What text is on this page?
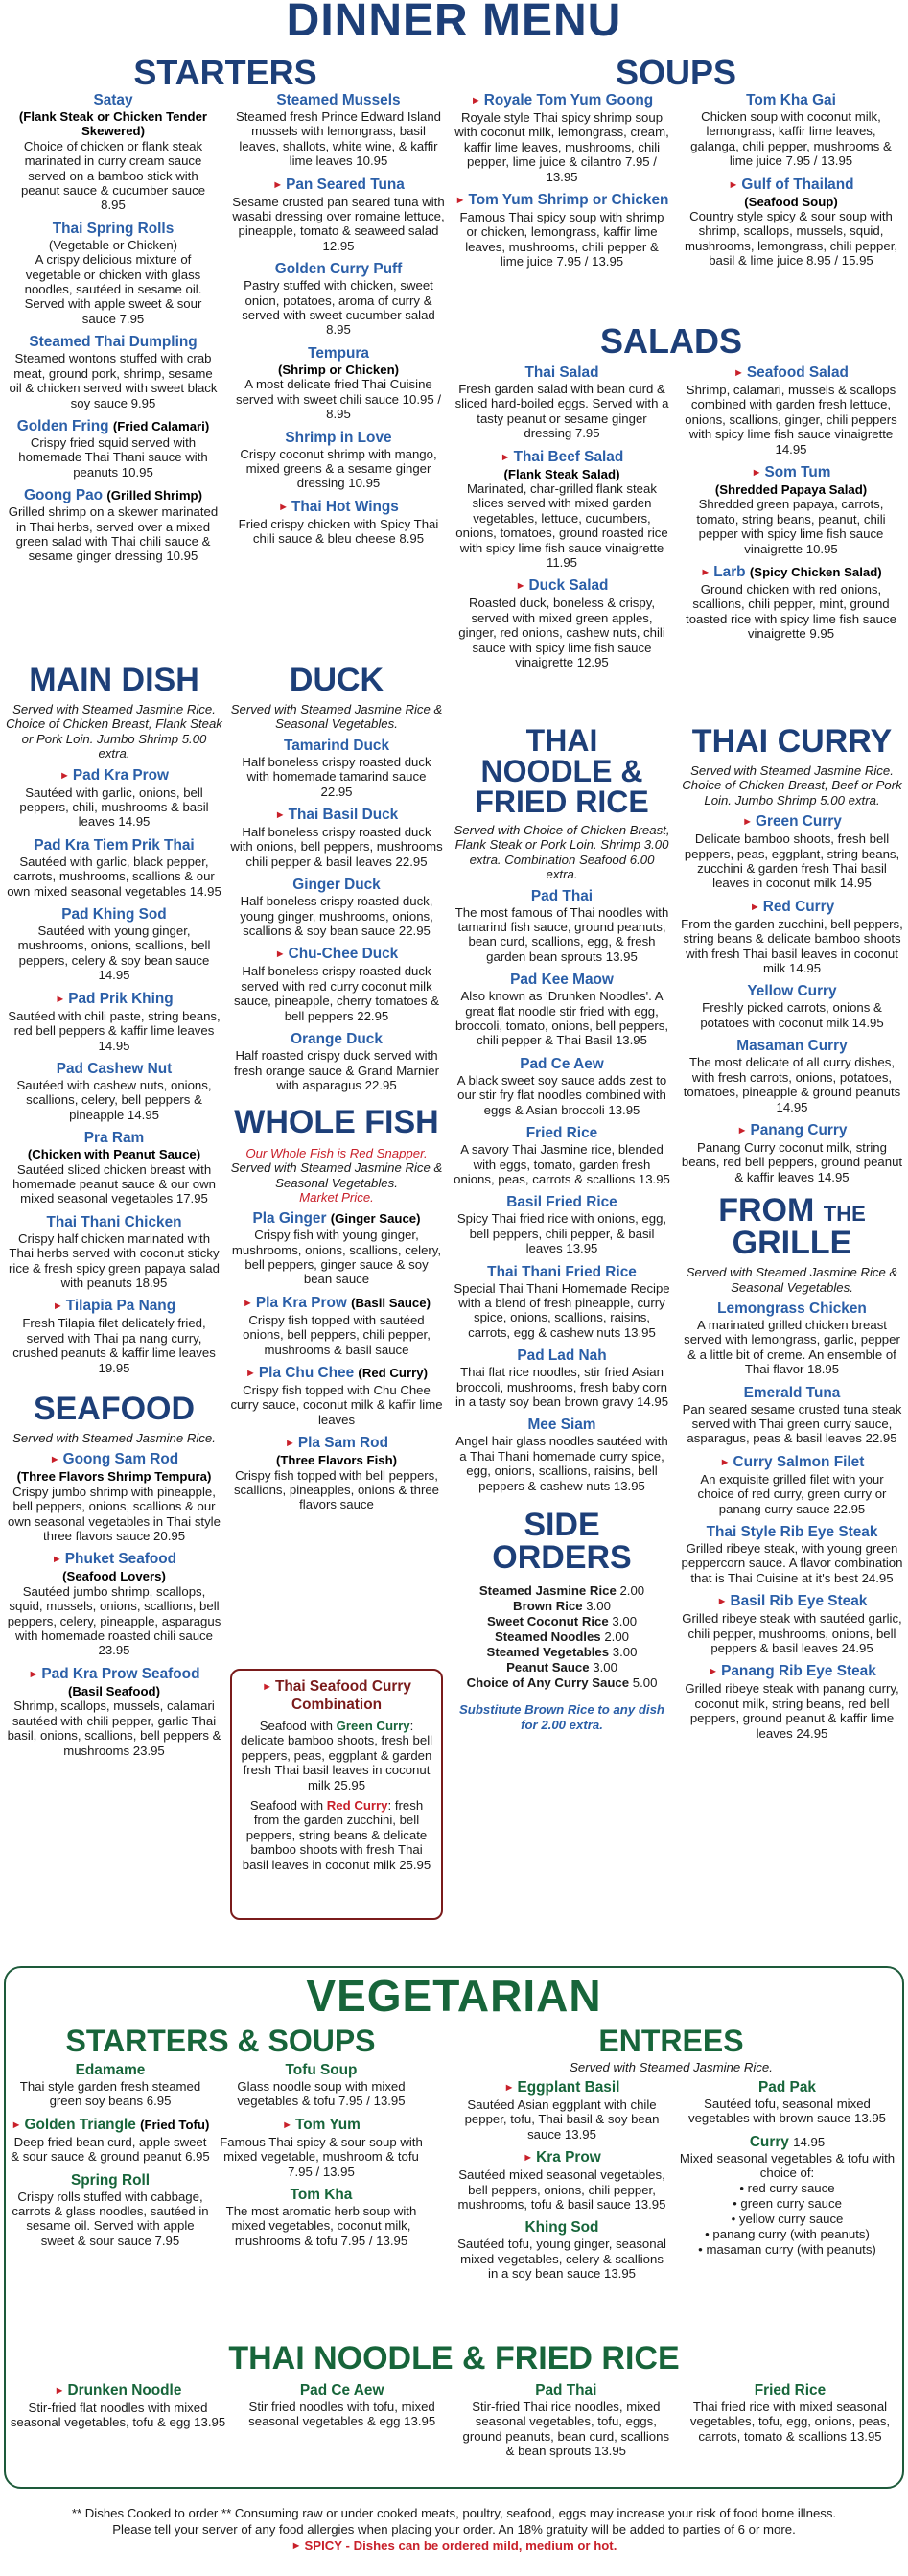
DINNER MENU
STARTERS
Satay
(Flank Steak or Chicken Tender Skewered)
Choice of chicken or flank steak marinated in curry cream sauce served on a bamboo stick with peanut sauce & cucumber sauce 8.95
Thai Spring Rolls
(Vegetable or Chicken)
A crispy delicious mixture of vegetable or chicken with glass noodles, sautéed in sesame oil. Served with apple sweet & sour sauce 7.95
Steamed Thai Dumpling
Steamed wontons stuffed with crab meat, ground pork, shrimp, sesame oil & chicken served with sweet black soy sauce 9.95
Golden Fring (Fried Calamari)
Crispy fried squid served with homemade Thai Thani sauce with peanuts 10.95
Goong Pao (Grilled Shrimp)
Grilled shrimp on a skewer marinated in Thai herbs, served over a mixed green salad with Thai chili sauce & sesame ginger dressing 10.95
Steamed Mussels
Steamed fresh Prince Edward Island mussels with lemongrass, basil leaves, shallots, white wine, & kaffir lime leaves 10.95
► Pan Seared Tuna
Sesame crusted pan seared tuna with wasabi dressing over romaine lettuce, pineapple, tomato & seaweed salad 12.95
Golden Curry Puff
Pastry stuffed with chicken, sweet onion, potatoes, aroma of curry & served with sweet cucumber salad 8.95
Tempura
(Shrimp or Chicken)
A most delicate fried Thai Cuisine served with sweet chili sauce 10.95 / 8.95
Shrimp in Love
Crispy coconut shrimp with mango, mixed greens & a sesame ginger dressing 10.95
► Thai Hot Wings
Fried crispy chicken with Spicy Thai chili sauce & bleu cheese 8.95
SOUPS
► Royale Tom Yum Goong
Royale style Thai spicy shrimp soup with coconut milk, lemongrass, cream, kaffir lime leaves, mushrooms, chili pepper, lime juice & cilantro 7.95 / 13.95
► Tom Yum Shrimp or Chicken
Famous Thai spicy soup with shrimp or chicken, lemongrass, kaffir lime leaves, mushrooms, chili pepper & lime juice 7.95 / 13.95
Tom Kha Gai
Chicken soup with coconut milk, lemongrass, kaffir lime leaves, galanga, chili pepper, mushrooms & lime juice 7.95 / 13.95
► Gulf of Thailand
(Seafood Soup)
Country style spicy & sour soup with shrimp, scallops, mussels, squid, mushrooms, lemongrass, chili pepper, basil & lime juice 8.95 / 15.95
SALADS
Thai Salad
Fresh garden salad with bean curd & sliced hard-boiled eggs. Served with a tasty peanut or sesame ginger dressing 7.95
► Thai Beef Salad
(Flank Steak Salad)
Marinated, char-grilled flank steak slices served with mixed garden vegetables, lettuce, cucumbers, onions, tomatoes, ground roasted rice with spicy lime fish sauce vinaigrette 11.95
► Duck Salad
Roasted duck, boneless & crispy, served with mixed green apples, ginger, red onions, cashew nuts, chili sauce with spicy lime fish sauce vinaigrette 12.95
► Seafood Salad
Shrimp, calamari, mussels & scallops combined with garden fresh lettuce, onions, scallions, ginger, chili peppers with spicy lime fish sauce vinaigrette 14.95
► Som Tum
(Shredded Papaya Salad)
Shredded green papaya, carrots, tomato, string beans, peanut, chili pepper with spicy lime fish sauce vinaigrette 10.95
► Larb (Spicy Chicken Salad)
Ground chicken with red onions, scallions, chili pepper, mint, ground toasted rice with spicy lime fish sauce vinaigrette 9.95
MAIN DISH
Served with Steamed Jasmine Rice. Choice of Chicken Breast, Flank Steak or Pork Loin. Jumbo Shrimp 5.00 extra.
► Pad Kra Prow
Sautéed with garlic, onions, bell peppers, chili, mushrooms & basil leaves 14.95
Pad Kra Tiem Prik Thai
Sautéed with garlic, black pepper, carrots, mushrooms, scallions & our own mixed seasonal vegetables 14.95
Pad Khing Sod
Sautéed with young ginger, mushrooms, onions, scallions, bell peppers, celery & soy bean sauce 14.95
► Pad Prik Khing
Sautéed with chili paste, string beans, red bell peppers & kaffir lime leaves 14.95
Pad Cashew Nut
Sautéed with cashew nuts, onions, scallions, celery, bell peppers & pineapple 14.95
Pra Ram
(Chicken with Peanut Sauce)
Sautéed sliced chicken breast with homemade peanut sauce & our own mixed seasonal vegetables 17.95
Thai Thani Chicken
Crispy half chicken marinated with Thai herbs served with coconut sticky rice & fresh spicy green papaya salad with peanuts 18.95
► Tilapia Pa Nang
Fresh Tilapia filet delicately fried, served with Thai pa nang curry, crushed peanuts & kaffir lime leaves 19.95
SEAFOOD
Served with Steamed Jasmine Rice.
► Goong Sam Rod
(Three Flavors Shrimp Tempura)
Crispy jumbo shrimp with pineapple, bell peppers, onions, scallions & our own seasonal vegetables in Thai style three flavors sauce 20.95
► Phuket Seafood
(Seafood Lovers)
Sautéed jumbo shrimp, scallops, squid, mussels, onions, scallions, bell peppers, celery, pineapple, asparagus with homemade roasted chili sauce 23.95
► Pad Kra Prow Seafood
(Basil Seafood)
Shrimp, scallops, mussels, calamari sautéed with chili pepper, garlic Thai basil, onions, scallions, bell peppers & mushrooms 23.95
DUCK
Served with Steamed Jasmine Rice & Seasonal Vegetables.
Tamarind Duck
Half boneless crispy roasted duck with homemade tamarind sauce 22.95
► Thai Basil Duck
Half boneless crispy roasted duck with onions, bell peppers, mushrooms chili pepper & basil leaves 22.95
Ginger Duck
Half boneless crispy roasted duck, young ginger, mushrooms, onions, scallions & soy bean sauce 22.95
► Chu-Chee Duck
Half boneless crispy roasted duck served with red curry coconut milk sauce, pineapple, cherry tomatoes & bell peppers 22.95
Orange Duck
Half roasted crispy duck served with fresh orange sauce & Grand Marnier with asparagus 22.95
WHOLE FISH
Our Whole Fish is Red Snapper.
Served with Steamed Jasmine Rice & Seasonal Vegetables.
Market Price.
Pla Ginger (Ginger Sauce)
Crispy fish with young ginger, mushrooms, onions, scallions, celery, bell peppers, ginger sauce & soy bean sauce
► Pla Kra Prow (Basil Sauce)
Crispy fish topped with sautéed onions, bell peppers, chili pepper, mushrooms & basil sauce
► Pla Chu Chee (Red Curry)
Crispy fish topped with Chu Chee curry sauce, coconut milk & kaffir lime leaves
► Pla Sam Rod
(Three Flavors Fish)
Crispy fish topped with bell peppers, scallions, pineapples, onions & three flavors sauce
► Thai Seafood Curry Combination

Seafood with Green Curry: delicate bamboo shoots, fresh bell peppers, peas, eggplant & garden fresh Thai basil leaves in coconut milk 25.95

Seafood with Red Curry: fresh from the garden zucchini, bell peppers, string beans & delicate bamboo shoots with fresh Thai basil leaves in coconut milk 25.95

THAI
NOODLE &
FRIED RICE
Served with Choice of Chicken Breast, Flank Steak or Pork Loin. Shrimp 3.00 extra. Combination Seafood 6.00 extra.
Pad Thai
The most famous of Thai noodles with tamarind fish sauce, ground peanuts, bean curd, scallions, egg, & fresh garden bean sprouts 13.95
Pad Kee Maow
Also known as 'Drunken Noodles'. A great flat noodle stir fried with egg, broccoli, tomato, onions, bell peppers, chili pepper & Thai Basil 13.95
Pad Ce Aew
A black sweet soy sauce adds zest to our stir fry flat noodles combined with eggs & Asian broccoli 13.95
Fried Rice
A savory Thai Jasmine rice, blended with eggs, tomato, garden fresh onions, peas, carrots & scallions 13.95
Basil Fried Rice
Spicy Thai fried rice with onions, egg, bell peppers, chili pepper, & basil leaves 13.95
Thai Thani Fried Rice
Special Thai Thani Homemade Recipe with a blend of fresh pineapple, curry spice, onions, scallions, raisins, carrots, egg & cashew nuts 13.95
Pad Lad Nah
Thai flat rice noodles, stir fried Asian broccoli, mushrooms, fresh baby corn in a tasty soy bean brown gravy 14.95
Mee Siam
Angel hair glass noodles sautéed with a Thai Thani homemade curry spice, egg, onions, scallions, raisins, bell peppers & cashew nuts 13.95
SIDE
ORDERS
Steamed Jasmine Rice 2.00
Brown Rice 3.00
Sweet Coconut Rice 3.00
Steamed Noodles 2.00
Steamed Vegetables 3.00
Peanut Sauce 3.00
Choice of Any Curry Sauce 5.00
Substitute Brown Rice to any dish for 2.00 extra.
THAI CURRY
Served with Steamed Jasmine Rice. Choice of Chicken Breast, Beef or Pork Loin. Jumbo Shrimp 5.00 extra.
► Green Curry
Delicate bamboo shoots, fresh bell peppers, peas, eggplant, string beans, zucchini & garden fresh Thai basil leaves in coconut milk 14.95
► Red Curry
From the garden zucchini, bell peppers, string beans & delicate bamboo shoots with fresh Thai basil leaves in coconut milk 14.95
Yellow Curry
Freshly picked carrots, onions & potatoes with coconut milk 14.95
Masaman Curry
The most delicate of all curry dishes, with fresh carrots, onions, potatoes, tomatoes, pineapple & ground peanuts 14.95
► Panang Curry
Panang Curry coconut milk, string beans, red bell peppers, ground peanut & kaffir leaves 14.95
FROM THE
GRILLE
Served with Steamed Jasmine Rice & Seasonal Vegetables.
Lemongrass Chicken
A marinated grilled chicken breast served with lemongrass, garlic, pepper & a little bit of creme. An ensemble of Thai flavor 18.95
Emerald Tuna
Pan seared sesame crusted tuna steak served with Thai green curry sauce, asparagus, peas & basil leaves 22.95
► Curry Salmon Filet
An exquisite grilled filet with your choice of red curry, green curry or panang curry sauce 22.95
Thai Style Rib Eye Steak
Grilled ribeye steak, with young green peppercorn sauce. A flavor combination that is Thai Cuisine at it's best 24.95
► Basil Rib Eye Steak
Grilled ribeye steak with sautéed garlic, chili pepper, mushrooms, onions, bell peppers & basil leaves 24.95
► Panang Rib Eye Steak
Grilled ribeye steak with panang curry, coconut milk, string beans, red bell peppers, ground peanut & kaffir lime leaves 24.95
VEGETARIAN
STARTERS & SOUPS
Edamame
Thai style garden fresh steamed green soy beans 6.95
► Golden Triangle (Fried Tofu)
Deep fried bean curd, apple sweet & sour sauce & ground peanut 6.95
Spring Roll
Crispy rolls stuffed with cabbage, carrots & glass noodles, sautéed in sesame oil. Served with apple sweet & sour sauce 7.95
Tofu Soup
Glass noodle soup with mixed vegetables & tofu 7.95 / 13.95
► Tom Yum
Famous Thai spicy & sour soup with mixed vegetable, mushroom & tofu 7.95 / 13.95
Tom Kha
The most aromatic herb soup with mixed vegetables, coconut milk, mushrooms & tofu 7.95 / 13.95
ENTREES
Served with Steamed Jasmine Rice.
► Eggplant Basil
Sautéed Asian eggplant with chile pepper, tofu, Thai basil & soy bean sauce 13.95
► Kra Prow
Sautéed mixed seasonal vegetables, bell peppers, onions, chili pepper, mushrooms, tofu & basil sauce 13.95
Khing Sod
Sautéed tofu, young ginger, seasonal mixed vegetables, celery & scallions in a soy bean sauce 13.95
Pad Pak
Sautéed tofu, seasonal mixed vegetables with brown sauce 13.95
Curry 14.95
Mixed seasonal vegetables & tofu with choice of:
• red curry sauce
• green curry sauce
• yellow curry sauce
• panang curry (with peanuts)
• masaman curry (with peanuts)
THAI NOODLE & FRIED RICE
► Drunken Noodle
Stir-fried flat noodles with mixed seasonal vegetables, tofu & egg 13.95
Pad Ce Aew
Stir fried noodles with tofu, mixed seasonal vegetables & egg 13.95
Pad Thai
Stir-fried Thai rice noodles, mixed seasonal vegetables, tofu, eggs, ground peanuts, bean curd, scallions & bean sprouts 13.95
Fried Rice
Thai fried rice with mixed seasonal vegetables, tofu, egg, onions, peas, carrots, tomato & scallions 13.95
** Dishes Cooked to order ** Consuming raw or under cooked meats, poultry, seafood, eggs may increase your risk of food borne illness.
Please tell your server of any food allergies when placing your order. An 18% gratuity will be added to parties of 6 or more.
► SPICY - Dishes can be ordered mild, medium or hot.
